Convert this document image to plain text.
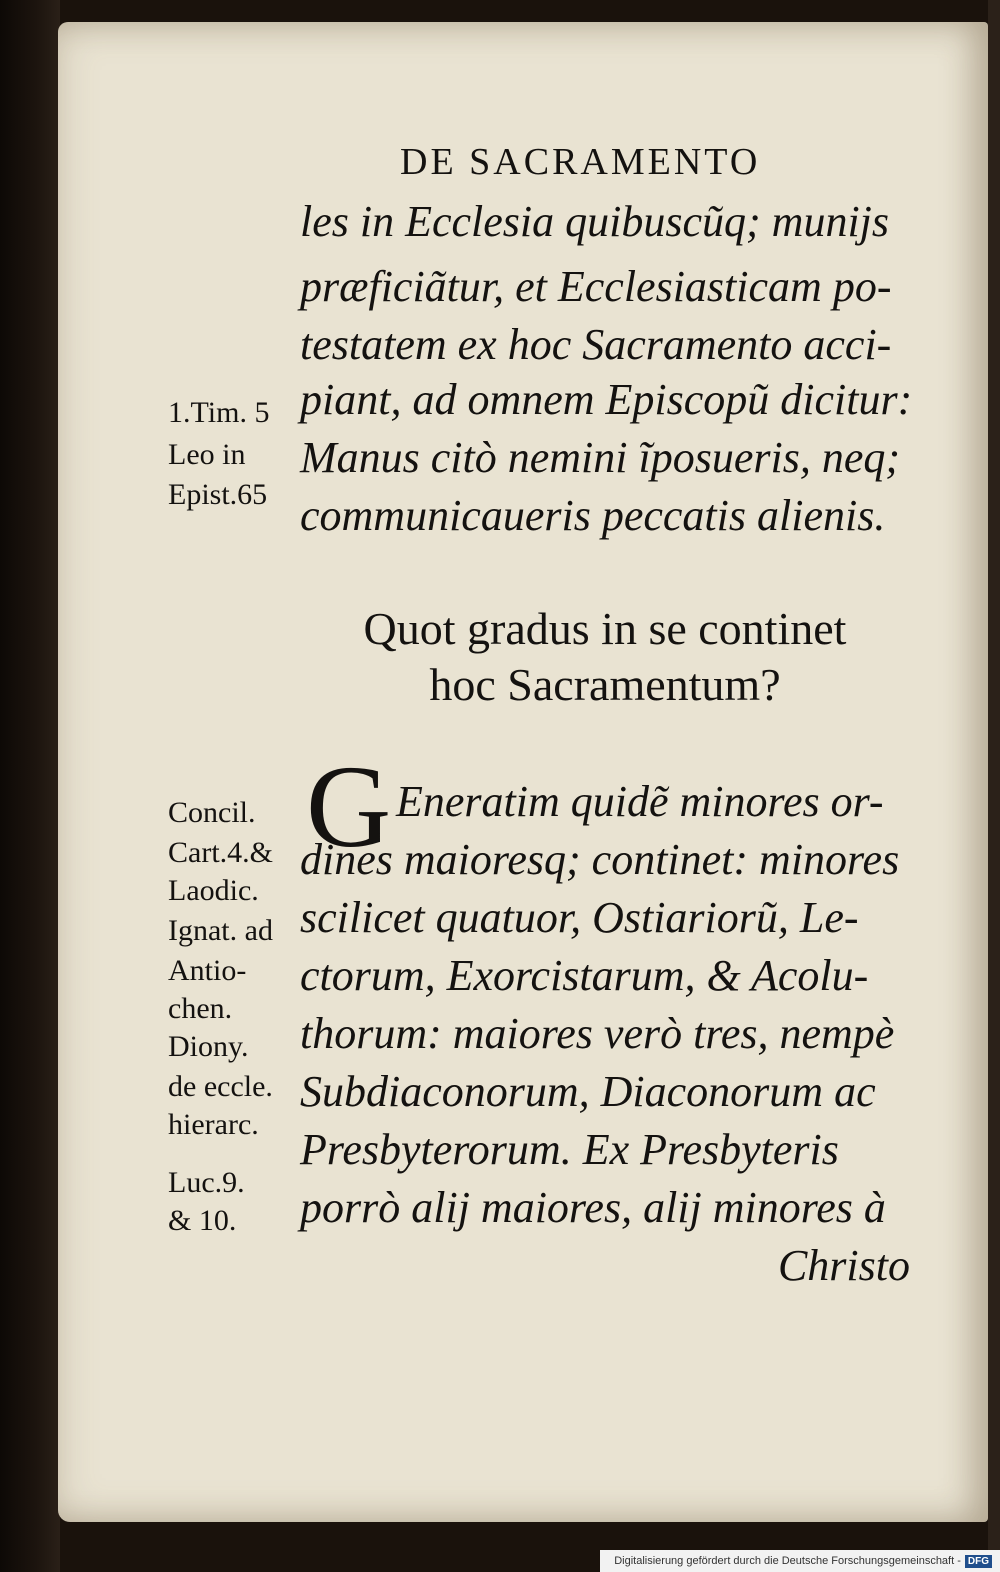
DE SACRAMENTO
les in Ecclesia quibuscũq; munijs
præficiãtur, et Ecclesiasticam po-
testatem ex hoc Sacramento acci-
piant, ad omnem Episcopũ dicitur:
Manus citò nemini ĩposueris, neq;
communicaueris peccatis alienis.
1.Tim. 5
Leo in
Epist.65
Quot gradus in se continet
hoc Sacramentum?
G Eneratim quidẽ minores or-
dines maioresq; continet: minores
scilicet quatuor, Ostiariorũ, Le-
ctorum, Exorcistarum, & Acolu-
thorum: maiores verò tres, nempè
Subdiaconorum, Diaconorum ac
Presbyterorum. Ex Presbyteris
porrò alij maiores, alij minores à
Christo
Concil.
Cart.4.&
Laodic.
Ignat. ad
Antio-
chen.
Diony.
de eccle.
hierarc.
Luc.9.
& 10.
Digitalisierung gefördert durch die Deutsche Forschungsgemeinschaft - DFG
